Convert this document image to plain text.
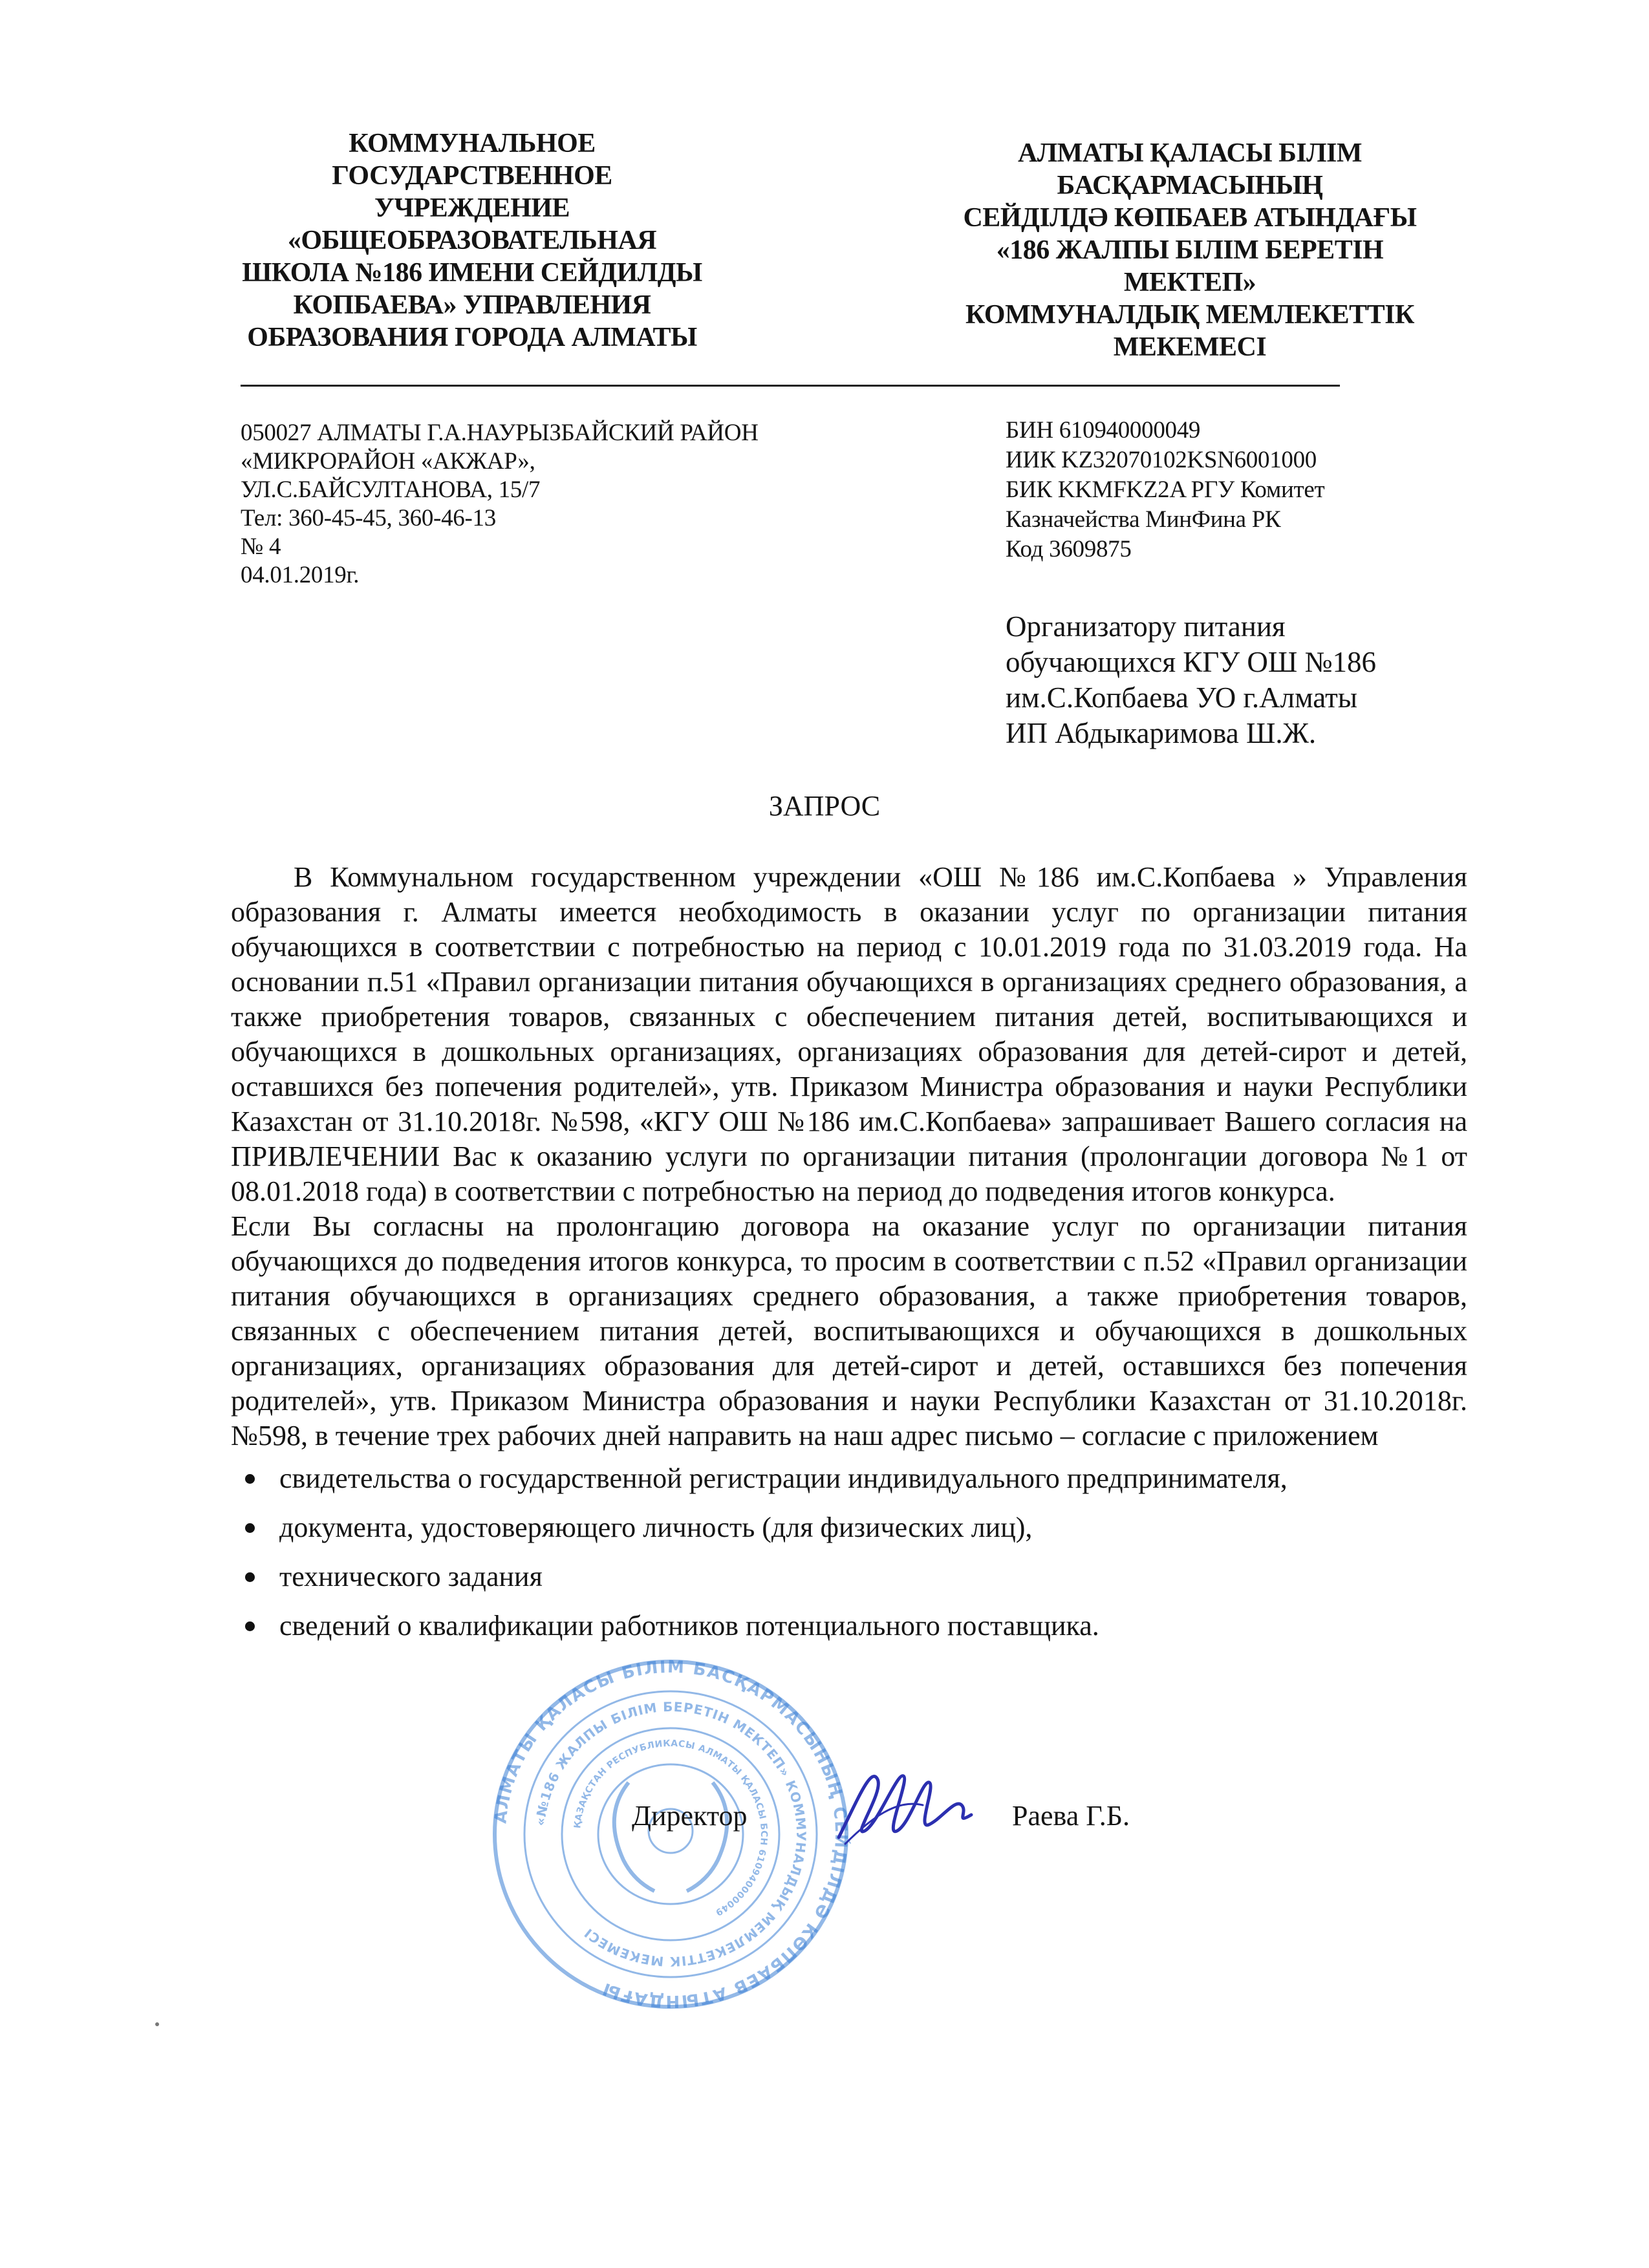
КОММУНАЛЬНОЕ
ГОСУДАРСТВЕННОЕ
УЧРЕЖДЕНИЕ
«ОБЩЕОБРАЗОВАТЕЛЬНАЯ
ШКОЛА №186 ИМЕНИ СЕЙДИЛДЫ
КОПБАЕВА» УПРАВЛЕНИЯ
ОБРАЗОВАНИЯ ГОРОДА АЛМАТЫ
АЛМАТЫ ҚАЛАСЫ БІЛІМ
БАСҚАРМАСЫНЫҢ
СЕЙДІЛДӘ КӨПБАЕВ АТЫНДАҒЫ
«186 ЖАЛПЫ БІЛІМ БЕРЕТІН
МЕКТЕП»
КОММУНАЛДЫҚ МЕМЛЕКЕТТІК
МЕКЕМЕСІ
050027 АЛМАТЫ Г.А.НАУРЫЗБАЙСКИЙ РАЙОН
«МИКРОРАЙОН «АКЖАР»,
УЛ.С.БАЙСУЛТАНОВА, 15/7
Тел: 360-45-45, 360-46-13
№ 4
04.01.2019г.
БИН 610940000049
ИИК KZ32070102KSN6001000
БИК KKMFKZ2A РГУ Комитет
Казначейства МинФина РК
Код 3609875
Организатору питания
обучающихся КГУ ОШ №186
им.С.Копбаева УО г.Алматы
ИП Абдыкаримова Ш.Ж.
ЗАПРОС

В Коммунальном государственном учреждении «ОШ №186 им.С.Копбаева » Управления образования г. Алматы имеется необходимость в оказании услуг по организации питания обучающихся в соответствии с потребностью на период с 10.01.2019 года по 31.03.2019 года. На основании п.51 «Правил организации питания обучающихся в организациях среднего образования, а также приобретения товаров, связанных с обеспечением питания детей, воспитывающихся и обучающихся в дошкольных организациях, организациях образования для детей-сирот и детей, оставшихся без попечения родителей», утв. Приказом Министра образования и науки Республики Казахстан от 31.10.2018г. №598, «КГУ ОШ №186 им.С.Копбаева» запрашивает Вашего согласия на ПРИВЛЕЧЕНИИ Вас к оказанию услуги по организации питания (пролонгации договора №1 от 08.01.2018 года) в соответствии с потребностью на период до подведения итогов конкурса.

Если Вы согласны на пролонгацию договора на оказание услуг по организации питания обучающихся до подведения итогов конкурса, то просим в соответствии с п.52 «Правил организации питания обучающихся в организациях среднего образования, а также приобретения товаров, связанных с обеспечением питания детей, воспитывающихся и обучающихся в дошкольных организациях, организациях образования для детей-сирот и детей, оставшихся без попечения родителей», утв. Приказом Министра образования и науки Республики Казахстан от 31.10.2018г. №598, в течение трех рабочих дней направить на наш адрес письмо – согласие с приложением

свидетельства о государственной регистрации индивидуального предпринимателя,
документа, удостоверяющего личность (для физических лиц),
технического задания
сведений о квалификации работников потенциального поставщика.
АЛМАТЫ ҚАЛАСЫ БІЛІМ БАСҚАРМАСЫНЫҢ СЕЙДІЛДӘ КӨПБАЕВ АТЫНДАҒЫ
«№186 ЖАЛПЫ БІЛІМ БЕРЕТІН МЕКТЕП» КОММУНАЛДЫҚ МЕМЛЕКЕТТІК МЕКЕМЕСІ
ҚАЗАҚСТАН РЕСПУБЛИКАСЫ АЛМАТЫ ҚАЛАСЫ БСН 610940000049
Директор	Раева Г.Б.
